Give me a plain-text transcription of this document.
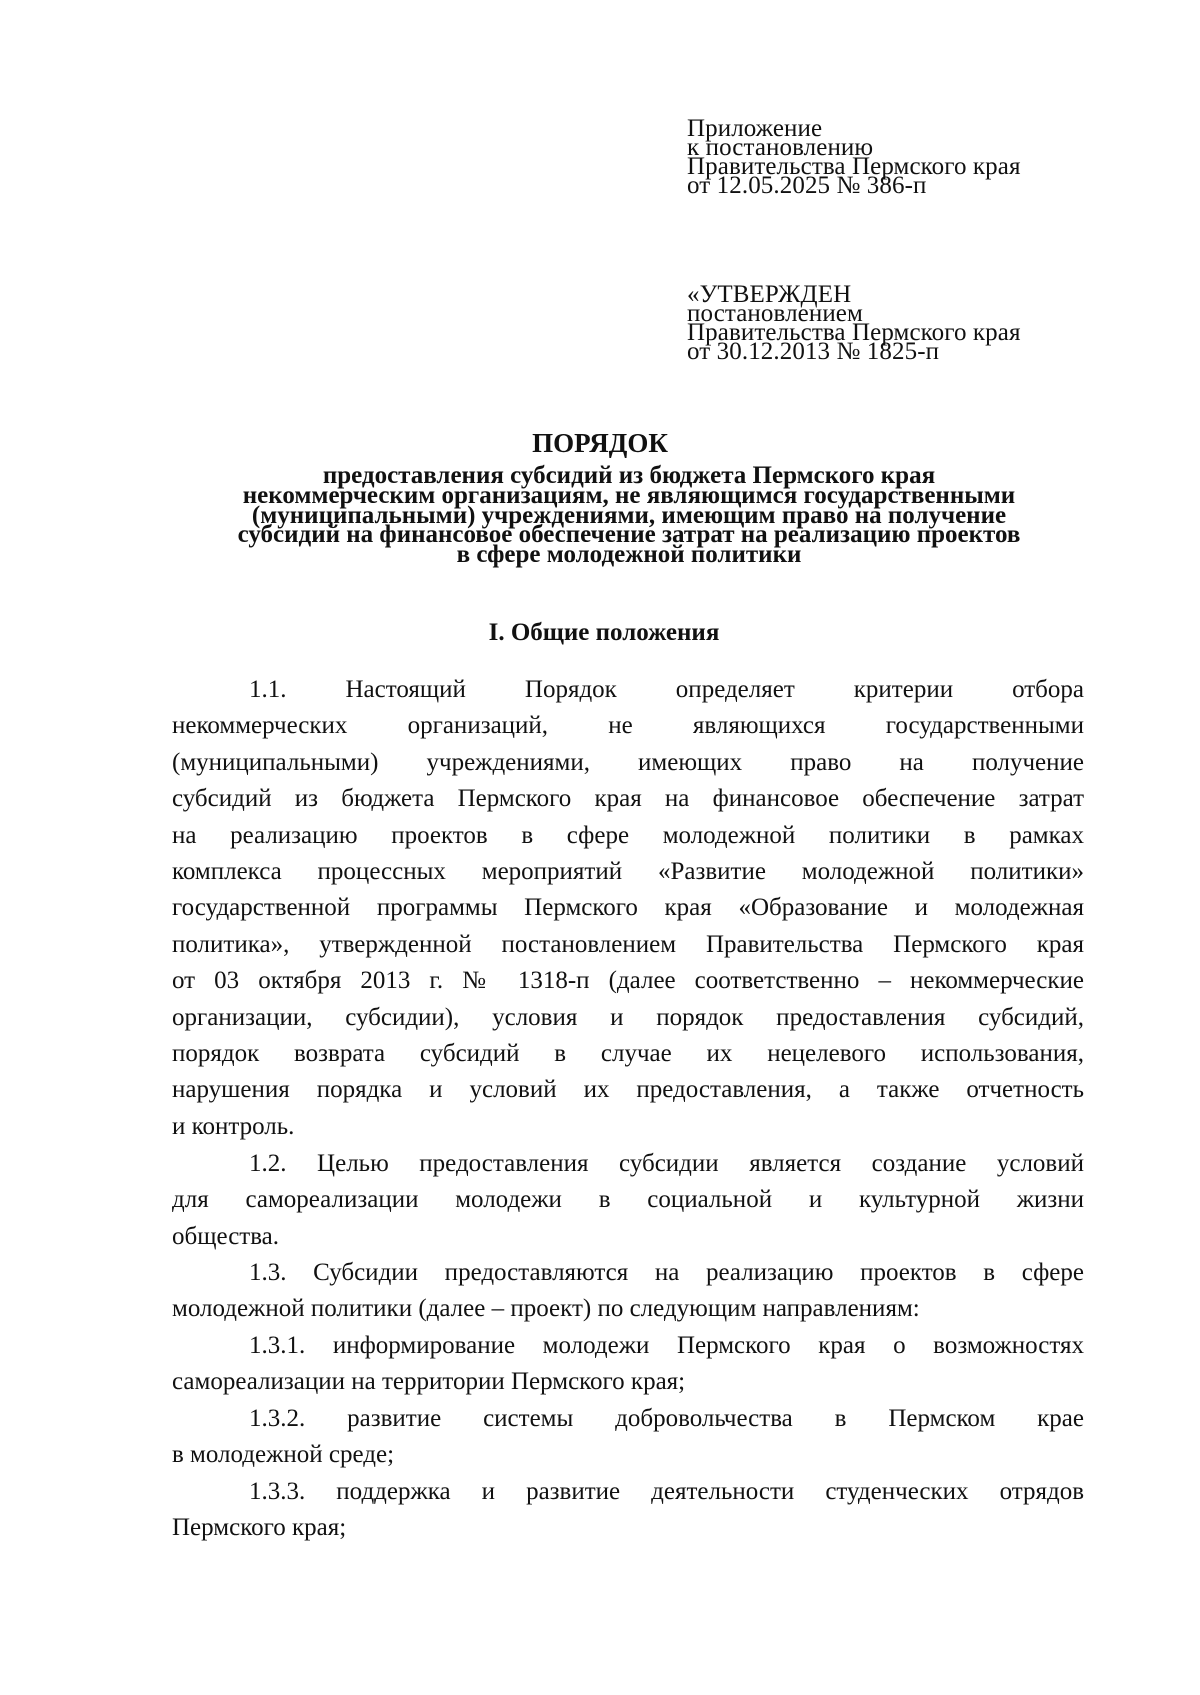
Приложение
к постановлению
Правительства Пермского края
от 12.05.2025 № 386-п
«УТВЕРЖДЕН
постановлением
Правительства Пермского края
от 30.12.2013 № 1825-п
ПОРЯДОК
предоставления субсидий из бюджета Пермского края
некоммерческим организациям, не являющимся государственными
(муниципальными) учреждениями, имеющим право на получение
субсидий на финансовое обеспечение затрат на реализацию проектов
в сфере молодежной политики
I. Общие положения
1.1. Настоящий Порядок определяет критерии отбора
некоммерческих организаций, не являющихся государственными
(муниципальными) учреждениями, имеющих право на получение
субсидий из бюджета Пермского края на финансовое обеспечение затрат
на реализацию проектов в сфере молодежной политики в рамках
комплекса процессных мероприятий «Развитие молодежной политики»
государственной программы Пермского края «Образование и молодежная
политика», утвержденной постановлением Правительства Пермского края
от 03 октября 2013 г. № 1318-п (далее соответственно – некоммерческие
организации, субсидии), условия и порядок предоставления субсидий,
порядок возврата субсидий в случае их нецелевого использования,
нарушения порядка и условий их предоставления, а также отчетность
и контроль.
1.2. Целью предоставления субсидии является создание условий
для самореализации молодежи в социальной и культурной жизни
общества.
1.3. Субсидии предоставляются на реализацию проектов в сфере
молодежной политики (далее – проект) по следующим направлениям:
1.3.1. информирование молодежи Пермского края о возможностях
самореализации на территории Пермского края;
1.3.2. развитие системы добровольчества в Пермском крае
в молодежной среде;
1.3.3. поддержка и развитие деятельности студенческих отрядов
Пермского края;
